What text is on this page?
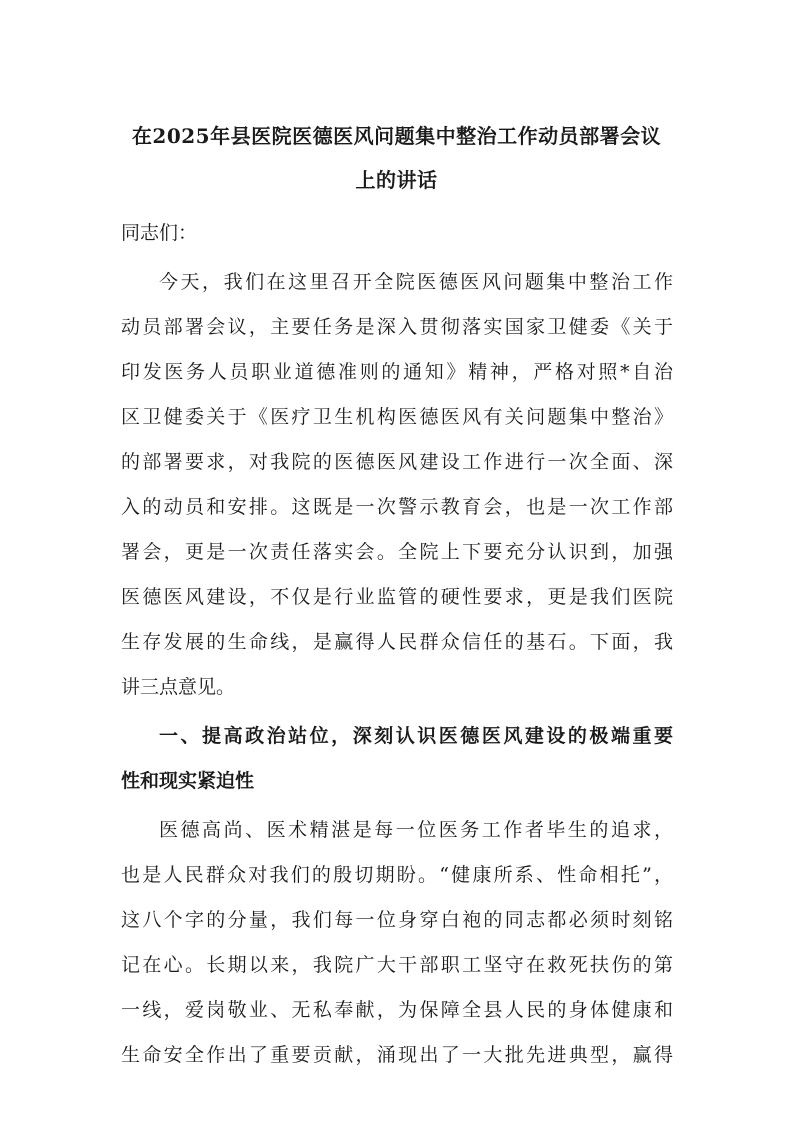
在2025年县医院医德医风问题集中整治工作动员部署会议
上的讲话
同志们：
今天，我们在这里召开全院医德医风问题集中整治工作
动员部署会议，主要任务是深入贯彻落实国家卫健委《关于
印发医务人员职业道德准则的通知》精神，严格对照*自治
区卫健委关于《医疗卫生机构医德医风有关问题集中整治》
的部署要求，对我院的医德医风建设工作进行一次全面、深
入的动员和安排。这既是一次警示教育会，也是一次工作部
署会，更是一次责任落实会。全院上下要充分认识到，加强
医德医风建设，不仅是行业监管的硬性要求，更是我们医院
生存发展的生命线，是赢得人民群众信任的基石。下面，我
讲三点意见。
一、提高政治站位，深刻认识医德医风建设的极端重要
性和现实紧迫性
医德高尚、医术精湛是每一位医务工作者毕生的追求，
也是人民群众对我们的殷切期盼。“健康所系、性命相托”，
这八个字的分量，我们每一位身穿白袍的同志都必须时刻铭
记在心。长期以来，我院广大干部职工坚守在救死扶伤的第
一线，爱岗敬业、无私奉献，为保障全县人民的身体健康和
生命安全作出了重要贡献，涌现出了一大批先进典型，赢得
